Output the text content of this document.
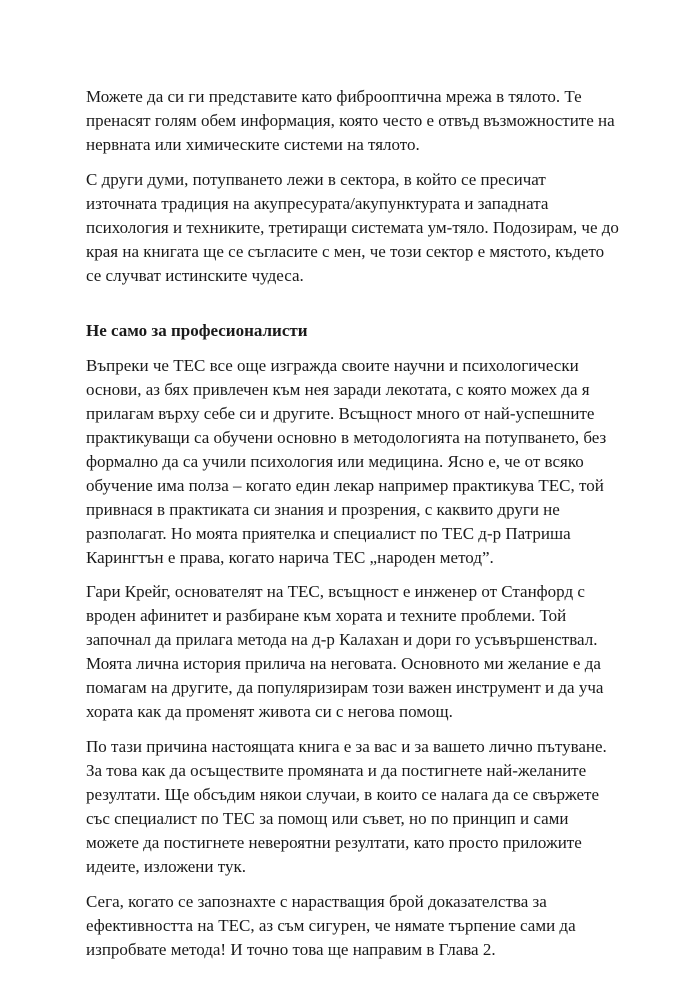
Можете да си ги представите като фиброоптична мрежа в тялото. Те

пренасят голям обем информация, която често е отвъд възможностите на

нервната или химическите системи на тялото.

С други думи, потупването лежи в сектора, в който се пресичат

източната традиция на акупресурата/акупунктурата и западната

психология и техниките, третиращи системата ум-тяло. Подозирам, че до

края на книгата ще се съгласите с мен, че този сектор е мястото, където

се случват истинските чудеса.

Не само за професионалисти

Въпреки че ТЕС все още изгражда своите научни и психологически

основи, аз бях привлечен към нея заради лекотата, с която можех да я

прилагам върху себе си и другите. Всъщност много от най-успешните

практикуващи са обучени основно в методологията на потупването, без

формално да са учили психология или медицина. Ясно е, че от всяко

обучение има полза – когато един лекар например практикува ТЕС, той

привнася в практиката си знания и прозрения, с каквито други не

разполагат. Но моята приятелка и специалист по ТЕС д-р Патриша

Карингтън е права, когато нарича ТЕС „народен метод”.

Гари Крейг, основателят на ТЕС, всъщност е инженер от Станфорд с

вроден афинитет и разбиране към хората и техните проблеми. Той

започнал да прилага метода на д-р Калахан и дори го усъвършенствал.

Моята лична история прилича на неговата. Основното ми желание е да

помагам на другите, да популяризирам този важен инструмент и да уча

хората как да променят живота си с негова помощ.

По тази причина настоящата книга е за вас и за вашето лично пътуване.

За това как да осъществите промяната и да постигнете най-желаните

резултати. Ще обсъдим някои случаи, в които се налага да се свържете

със специалист по ТЕС за помощ или съвет, но по принцип и сами

можете да постигнете невероятни резултати, като просто приложите

идеите, изложени тук.

Сега, когато се запознахте с нарастващия брой доказателства за

ефективността на ТЕС, аз съм сигурен, че нямате търпение сами да

изпробвате метода! И точно това ще направим в Глава 2.
